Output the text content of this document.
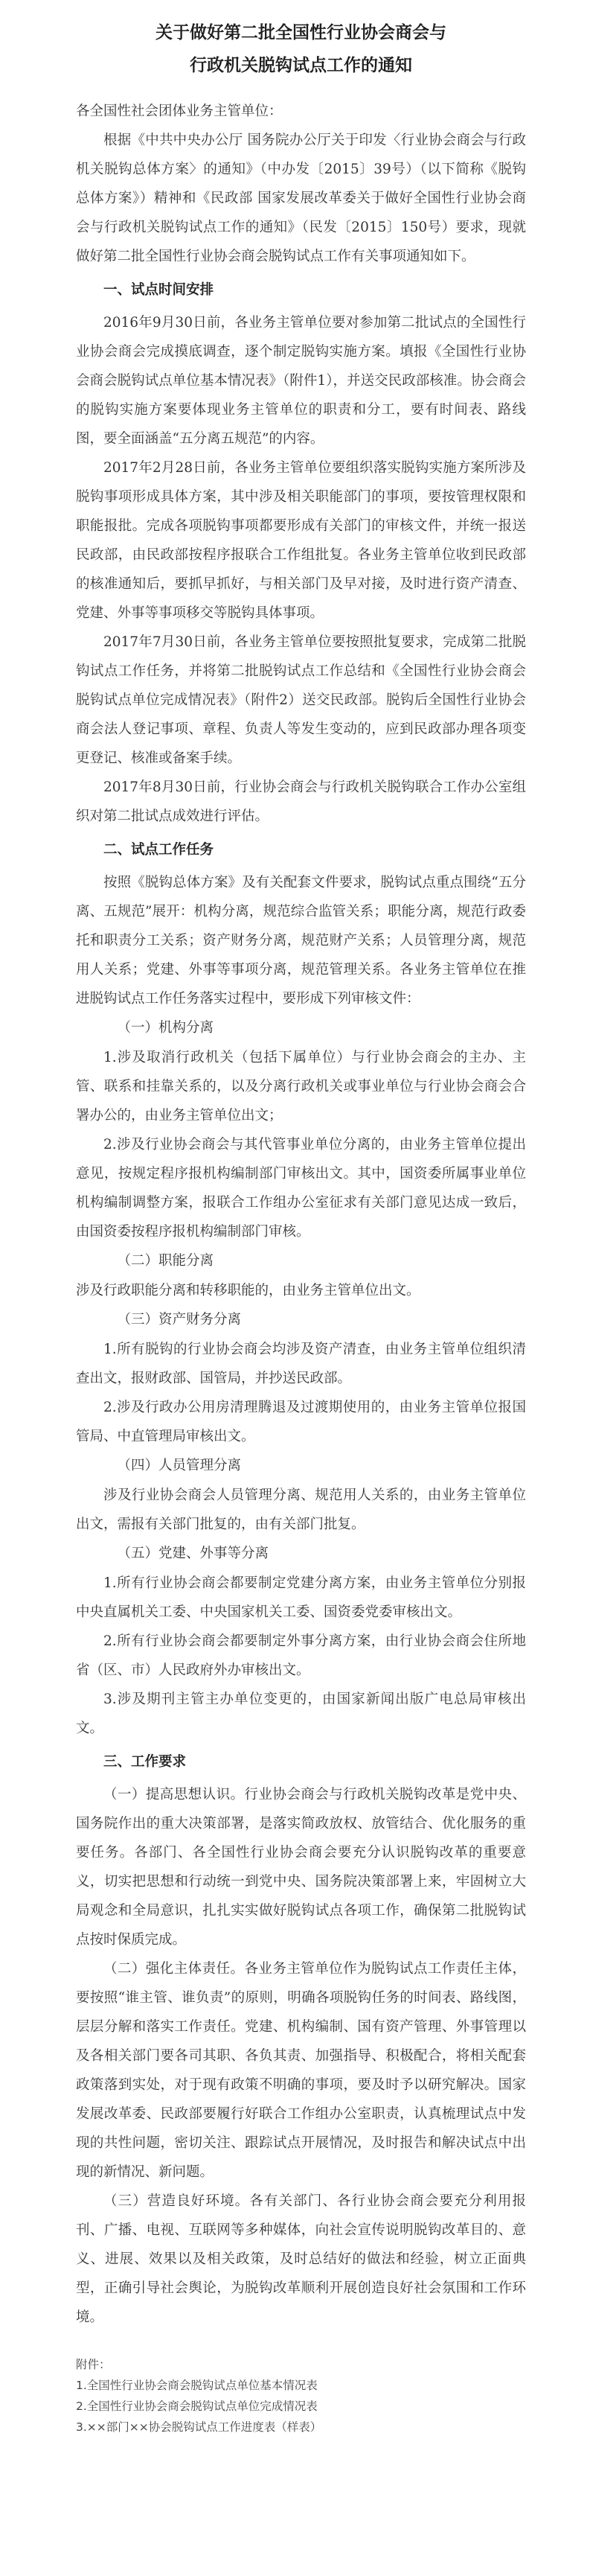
关于做好第二批全国性行业协会商会与
行政机关脱钩试点工作的通知

各全国性社会团体业务主管单位：

根据《中共中央办公厅 国务院办公厅关于印发〈行业协会商会与行政机关脱钩总体方案〉的通知》（中办发〔2015〕39号）（以下简称《脱钩总体方案》）精神和《民政部 国家发展改革委关于做好全国性行业协会商会与行政机关脱钩试点工作的通知》（民发〔2015〕150号）要求，现就做好第二批全国性行业协会商会脱钩试点工作有关事项通知如下。

一、试点时间安排

2016年9月30日前，各业务主管单位要对参加第二批试点的全国性行业协会商会完成摸底调查，逐个制定脱钩实施方案。填报《全国性行业协会商会脱钩试点单位基本情况表》（附件1），并送交民政部核准。协会商会的脱钩实施方案要体现业务主管单位的职责和分工，要有时间表、路线图，要全面涵盖“五分离五规范”的内容。

2017年2月28日前，各业务主管单位要组织落实脱钩实施方案所涉及脱钩事项形成具体方案，其中涉及相关职能部门的事项，要按管理权限和职能报批。完成各项脱钩事项都要形成有关部门的审核文件，并统一报送民政部，由民政部按程序报联合工作组批复。各业务主管单位收到民政部的核准通知后，要抓早抓好，与相关部门及早对接，及时进行资产清查、党建、外事等事项移交等脱钩具体事项。

2017年7月30日前，各业务主管单位要按照批复要求，完成第二批脱钩试点工作任务，并将第二批脱钩试点工作总结和《全国性行业协会商会脱钩试点单位完成情况表》（附件2）送交民政部。脱钩后全国性行业协会商会法人登记事项、章程、负责人等发生变动的，应到民政部办理各项变更登记、核准或备案手续。

2017年8月30日前，行业协会商会与行政机关脱钩联合工作办公室组织对第二批试点成效进行评估。

二、试点工作任务

按照《脱钩总体方案》及有关配套文件要求，脱钩试点重点围绕“五分离、五规范”展开：机构分离，规范综合监管关系；职能分离，规范行政委托和职责分工关系；资产财务分离，规范财产关系；人员管理分离，规范用人关系；党建、外事等事项分离，规范管理关系。各业务主管单位在推进脱钩试点工作任务落实过程中，要形成下列审核文件：

（一）机构分离

1.涉及取消行政机关（包括下属单位）与行业协会商会的主办、主管、联系和挂靠关系的，以及分离行政机关或事业单位与行业协会商会合署办公的，由业务主管单位出文；

2.涉及行业协会商会与其代管事业单位分离的，由业务主管单位提出意见，按规定程序报机构编制部门审核出文。其中，国资委所属事业单位机构编制调整方案，报联合工作组办公室征求有关部门意见达成一致后，由国资委按程序报机构编制部门审核。

（二）职能分离

涉及行政职能分离和转移职能的，由业务主管单位出文。

（三）资产财务分离

1.所有脱钩的行业协会商会均涉及资产清查，由业务主管单位组织清查出文，报财政部、国管局，并抄送民政部。

2.涉及行政办公用房清理腾退及过渡期使用的，由业务主管单位报国管局、中直管理局审核出文。

（四）人员管理分离

涉及行业协会商会人员管理分离、规范用人关系的，由业务主管单位出文，需报有关部门批复的，由有关部门批复。

（五）党建、外事等分离

1.所有行业协会商会都要制定党建分离方案，由业务主管单位分别报中央直属机关工委、中央国家机关工委、国资委党委审核出文。

2.所有行业协会商会都要制定外事分离方案，由行业协会商会住所地省（区、市）人民政府外办审核出文。

3.涉及期刊主管主办单位变更的，由国家新闻出版广电总局审核出文。

三、工作要求

（一）提高思想认识。行业协会商会与行政机关脱钩改革是党中央、国务院作出的重大决策部署，是落实简政放权、放管结合、优化服务的重要任务。各部门、各全国性行业协会商会要充分认识脱钩改革的重要意义，切实把思想和行动统一到党中央、国务院决策部署上来，牢固树立大局观念和全局意识，扎扎实实做好脱钩试点各项工作，确保第二批脱钩试点按时保质完成。

（二）强化主体责任。各业务主管单位作为脱钩试点工作责任主体，要按照“谁主管、谁负责”的原则，明确各项脱钩任务的时间表、路线图，层层分解和落实工作责任。党建、机构编制、国有资产管理、外事管理以及各相关部门要各司其职、各负其责、加强指导、积极配合，将相关配套政策落到实处，对于现有政策不明确的事项，要及时予以研究解决。国家发展改革委、民政部要履行好联合工作组办公室职责，认真梳理试点中发现的共性问题，密切关注、跟踪试点开展情况，及时报告和解决试点中出现的新情况、新问题。

（三）营造良好环境。各有关部门、各行业协会商会要充分利用报刊、广播、电视、互联网等多种媒体，向社会宣传说明脱钩改革目的、意义、进展、效果以及相关政策，及时总结好的做法和经验，树立正面典型，正确引导社会舆论，为脱钩改革顺利开展创造良好社会氛围和工作环境。

附件：
1.全国性行业协会商会脱钩试点单位基本情况表
2.全国性行业协会商会脱钩试点单位完成情况表
3.××部门××协会脱钩试点工作进度表（样表）
